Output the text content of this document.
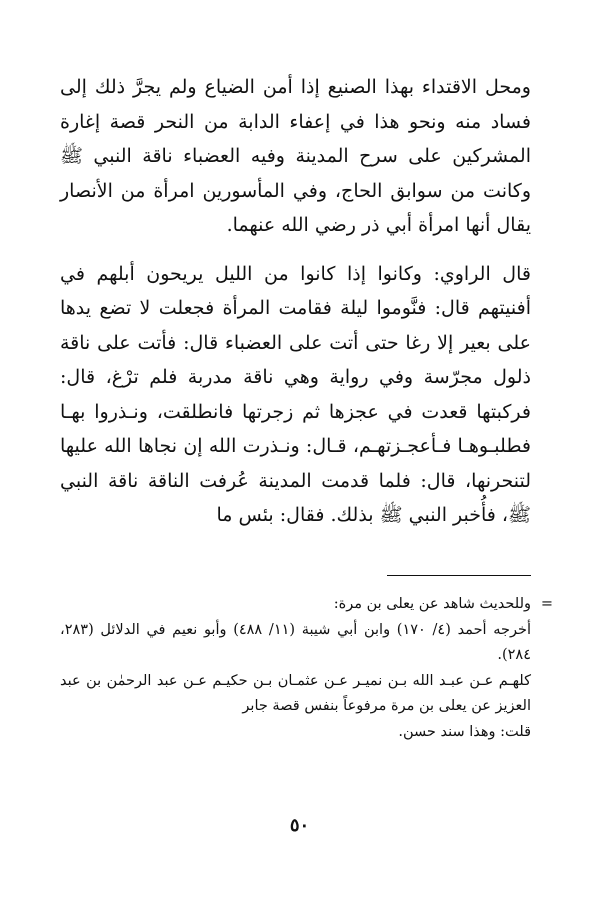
ومحل الاقتداء بهذا الصنيع إذا أمن الضياع ولم يجرَّ ذلك إلى فساد منه ونحو هذا في إعفاء الدابة من النحر قصة إغارة المشركين على سرح المدينة وفيه العضباء ناقة النبي ﷺ وكانت من سوابق الحاج، وفي المأسورين امرأة من الأنصار يقال أنها امرأة أبي ذر رضي الله عنهما.

قال الراوي: وكانوا إذا كانوا من الليل يريحون أبلهم في أفنيتهم قال: فنَّوموا ليلة فقامت المرأة فجعلت لا تضع يدها على بعير إلا رغا حتى أتت على العضباء قال: فأتت على ناقة ذلول مجرّسة وفي رواية وهي ناقة مدربة فلم ترْغ، قال: فركبتها قعدت في عجزها ثم زجرتها فانطلقت، ونـذروا بهـا فطلبـوهـا فـأعجـزتهـم، قـال: ونـذرت الله إن نجاها الله عليها لتنحرنها، قال: فلما قدمت المدينة عُرفت الناقة ناقة النبي ﷺ، فأُخبر النبي ﷺ بذلك. فقال: بئس ما

=

وللحديث شاهد عن يعلى بن مرة:

أخرجه أحمد (٤/ ١٧٠) وابن أبي شيبة (١١/ ٤٨٨) وأبو نعيم في الدلائل (٢٨٣، ٢٨٤).

كلهـم عـن عبـد الله بـن نميـر عـن عثمـان بـن حكيـم عـن عبد الرحمٰن بن عبد العزيز عن يعلى بن مرة مرفوعاً بنفس قصة جابر

قلت: وهذا سند حسن.

٥٠
